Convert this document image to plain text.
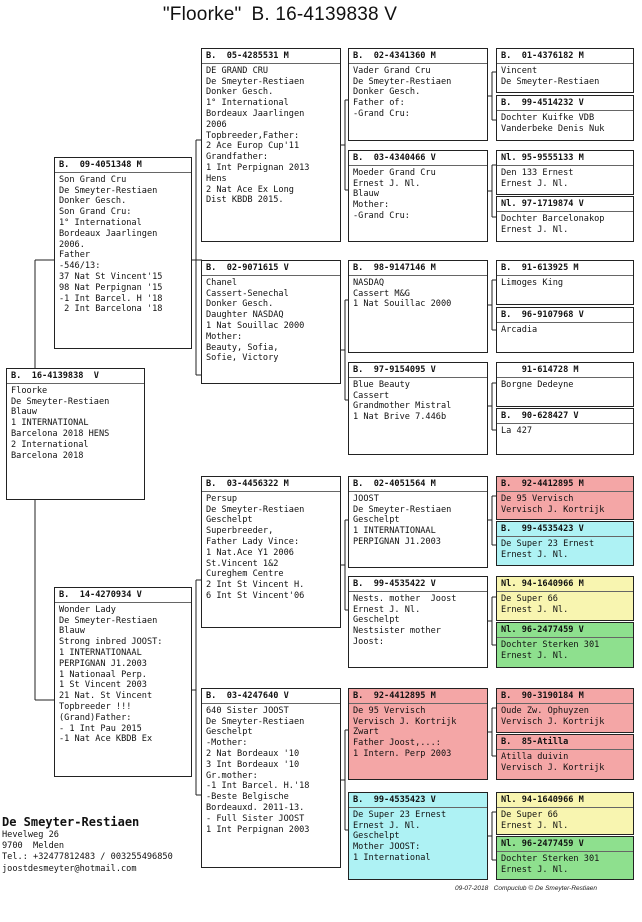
"Floorke" B. 16-4139838 V
B.  16-4139838  V
Floorke
De Smeyter-Restiaen
Blauw
1 INTERNATIONAL
Barcelona 2018 HENS
2 International
Barcelona 2018
B.  09-4051348 M
Son Grand Cru
De Smeyter-Restiaen
Donker Gesch.
Son Grand Cru:
1° International
Bordeaux Jaarlingen
2006.
Father
-546/13:
37 Nat St Vincent'15
98 Nat Perpignan '15
-1 Int Barcel. H '18
2 Int Barcelona '18
B.  14-4270934 V
Wonder Lady
De Smeyter-Restiaen
Blauw
Strong inbred JOOST:
1 INTERNATIONAAL
PERPIGNAN J1.2003
1 Nationaal Perp.
1 St Vincent 2003
21 Nat. St Vincent
Topbreeder !!!
(Grand)Father:
- 1 Int Pau 2015
-1 Nat Ace KBDB Ex
B.  05-4285531 M
DE GRAND CRU
De Smeyter-Restiaen
Donker Gesch.
1° International
Bordeaux Jaarlingen
2006
Topbreeder,Father:
2 Ace Europ Cup'11
Grandfather:
1 Int Perpignan 2013
Hens
2 Nat Ace Ex Long
Dist KBDB 2015.
B.  02-9071615 V
Chanel
Cassert-Senechal
Donker Gesch.
Daughter NASDAQ
1 Nat Souillac 2000
Mother:
Beauty, Sofia,
Sofie, Victory
B.  03-4456322 M
Persup
De Smeyter-Restiaen
Geschelpt
Superbreeder,
Father Lady Vince:
1 Nat.Ace Y1 2006
St.Vincent 1&2
Cureghem Centre
2 Int St Vincent H.
6 Int St Vincent'06
B.  03-4247640 V
640 Sister JOOST
De Smeyter-Restiaen
Geschelpt
-Mother:
2 Nat Bordeaux '10
3 Int Bordeaux '10
Gr.mother:
-1 Int Barcel. H.'18
-Beste Belgische
Bordeauxd. 2011-13.
- Full Sister JOOST
1 Int Perpignan 2003
B.  02-4341360 M
Vader Grand Cru
De Smeyter-Restiaen
Donker Gesch.
Father of:
-Grand Cru:
B.  03-4340466 V
Moeder Grand Cru
Ernest J. Nl.
Blauw
Mother:
-Grand Cru:
B.  98-9147146 M
NASDAQ
Cassert M&G
1 Nat Souillac 2000
B.  97-9154095 V
Blue Beauty
Cassert
Grandmother Mistral
1 Nat Brive 7.446b
B.  02-4051564 M
JOOST
De Smeyter-Restiaen
Geschelpt
1 INTERNATIONAAL
PERPIGNAN J1.2003
B.  99-4535422 V
Nests. mother  Joost
Ernest J. Nl.
Geschelpt
Nestsister mother
Joost:
B.  92-4412895 M
De 95 Vervisch
Vervisch J. Kortrijk
Zwart
Father Joost,...:
1 Intern. Perp 2003
B.  99-4535423 V
De Super 23 Ernest
Ernest J. Nl.
Geschelpt
Mother JOOST:
1 International
B.  01-4376182 M
Vincent
De Smeyter-Restiaen
B.  99-4514232 V
Dochter Kuifke VDB
Vanderbeke Denis Nuk
Nl. 95-9555133 M
Den 133 Ernest
Ernest J. Nl.
Nl. 97-1719874 V
Dochter Barcelonakop
Ernest J. Nl.
B.  91-613925 M
Limoges King
B.  96-9107968 V
Arcadia
91-614728 M
Borgne Dedeyne
B.  90-628427 V
La 427
B.  92-4412895 M
De 95 Vervisch
Vervisch J. Kortrijk
B.  99-4535423 V
De Super 23 Ernest
Ernest J. Nl.
Nl. 94-1640966 M
De Super 66
Ernest J. Nl.
Nl. 96-2477459 V
Dochter Sterken 301
Ernest J. Nl.
B.  90-3190184 M
Oude Zw. Ophuyzen
Vervisch J. Kortrijk
B.  85-Atilla
Atilla duivin
Vervisch J. Kortrijk
Nl. 94-1640966 M
De Super 66
Ernest J. Nl.
Nl. 96-2477459 V
Dochter Sterken 301
Ernest J. Nl.
De Smeyter-Restiaen
Hevelweg 26
9700  Melden
Tel.: +32477812483 / 003255496850
joostdesmeyter@hotmail.com
09-07-2018 Compuclub © De Smeyter-Restiaen
